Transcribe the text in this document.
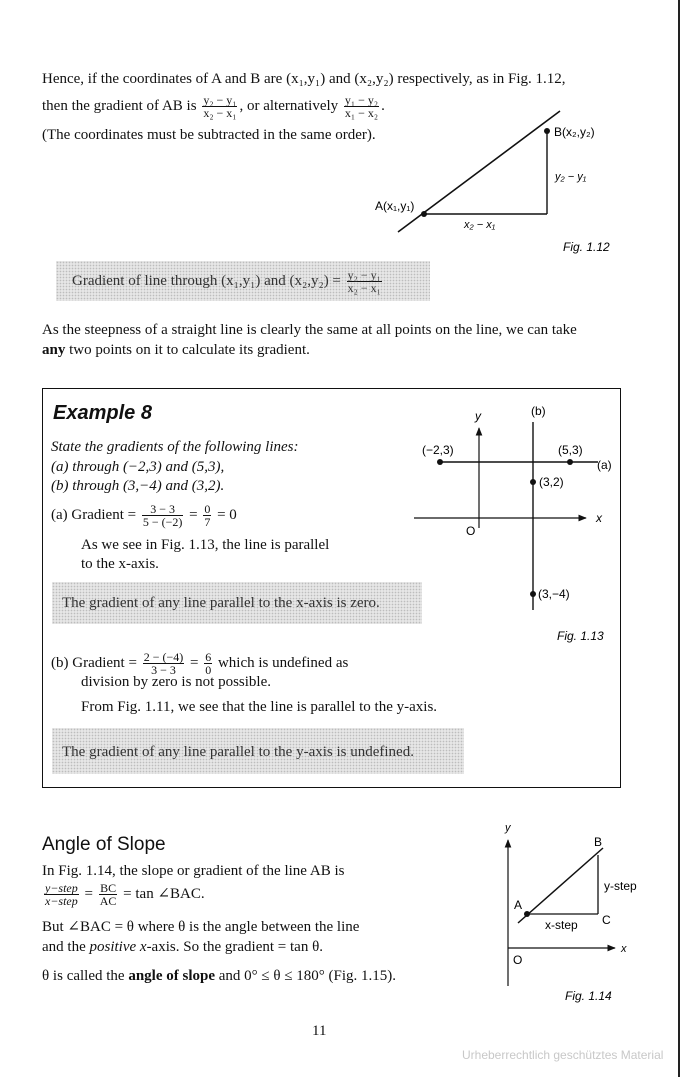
Hence, if the coordinates of A and B are (x₁,y₁) and (x₂,y₂) respectively, as in Fig. 1.12,
then the gradient of AB is $\frac{\text{y₂ − y₁}}{\text{x₂ − x₁}}$ , or alternatively $\frac{\text{y₁ − y₂}}{\text{x₁ − x₂}}$ .
(The coordinates must be subtracted in the same order).	B(x₂,y₂)
y₂ − y₁
A(x₁,y₁)
x₂ − x₁
Fig. 1.12
Gradient of line through (x₁,y₁) and $(x_2,y_2) = \frac{\text{y₂ − y₁}}{\text{x₂ − x₁}}$
As the steepness of a straight line is clearly the same at all points on the line, we can take
any two points on it to calculate its gradient.
Example 8
State the gradients of the following lines:
(a) through (−2,3) and (5,3),
(b) through (3,−4) and (3,2).
(a) Gradient = $\frac{3 - 3}{5 - (-2)} = \frac{0}{7} = 0$
As we see in Fig. 1.13, the line is parallel
to the x-axis.
The gradient of any line parallel to the x-axis is zero.
(b) Gradient = $\frac{2 - (-4)}{3 - 3} = \frac{6}{0}$ which is undefined as
division by zero is not possible.
From Fig. 1.11, we see that the line is parallel to the y-axis.
The gradient of any line parallel to the y-axis is undefined.
y	(b)
(−2,3)	(5,3)
(a)
(3,2)
x
O
(3,−4)
Fig. 1.13
Angle of Slope
In Fig. 1.14, the slope or gradient of the line AB is
$\frac{\text{y−step}}{\text{x−step}} = \frac{BC}{AC} = \tan$ ∠BAC.
But ∠BAC = θ where θ is the angle between the line
and the positive x-axis. So the gradient = tan θ.
θ is called the angle of slope and 0° ≤ θ ≤ 180° (Fig. 1.15).
y
B
y-step
A
x-step C
x
O
Fig. 1.14
11
Urheberrechtlich geschütztes Material
